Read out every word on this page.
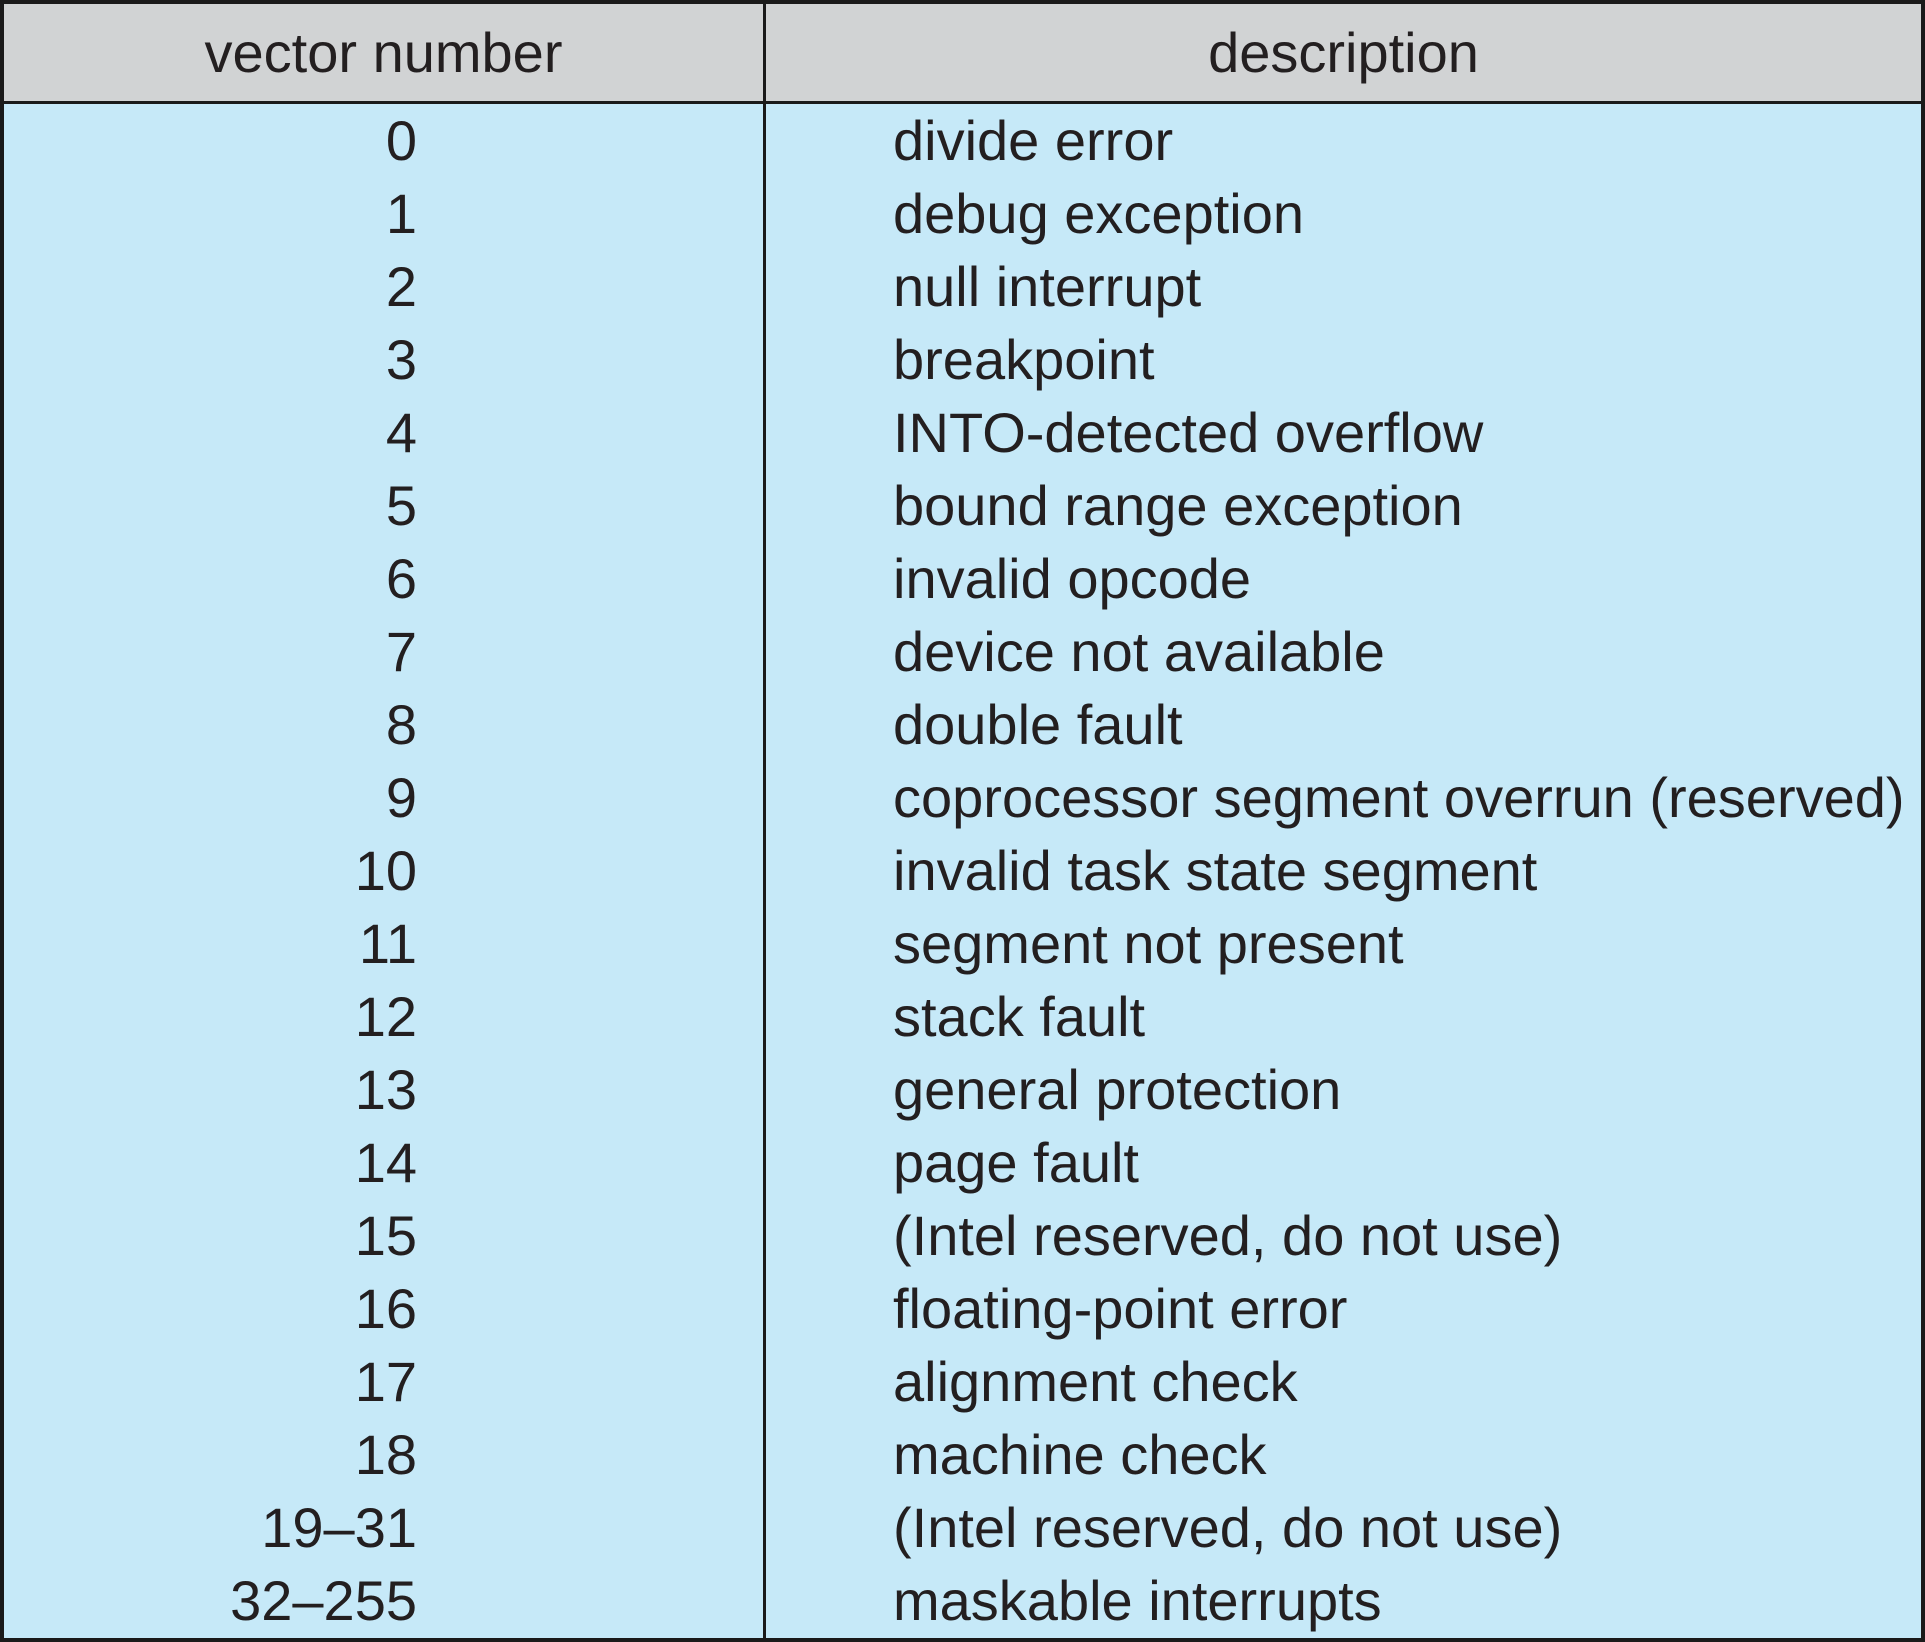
vector number	description
0	divide error
1	debug exception
2	null interrupt
3	breakpoint
4	INTO-detected overflow
5	bound range exception
6	invalid opcode
7	device not available
8	double fault
9	coprocessor segment overrun (reserved)
10	invalid task state segment
11	segment not present
12	stack fault
13	general protection
14	page fault
15	(Intel reserved, do not use)
16	floating-point error
17	alignment check
18	machine check
19–31	(Intel reserved, do not use)
32–255	maskable interrupts
